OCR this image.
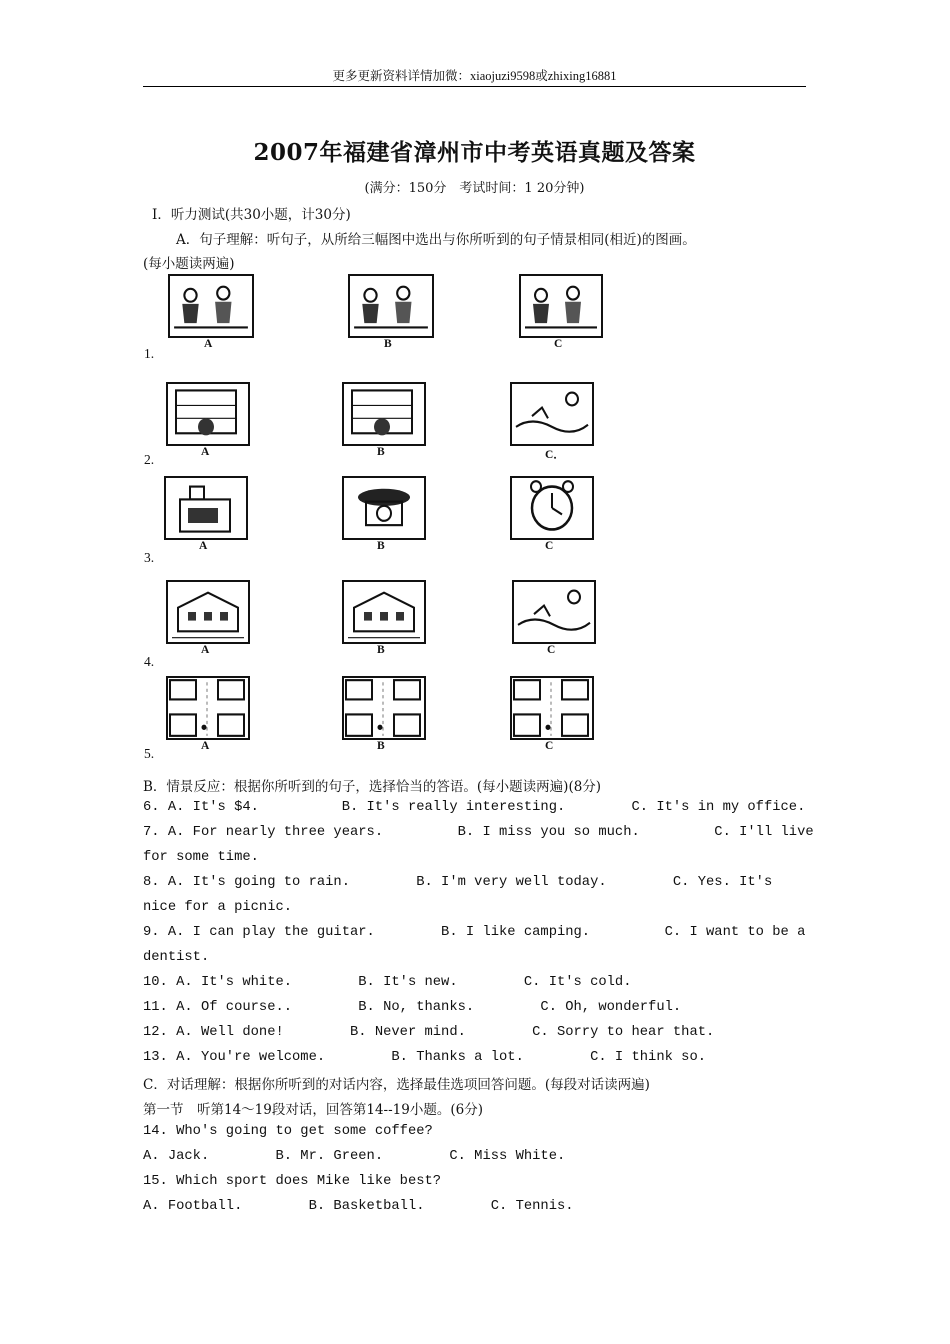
更多更新资料详情加微：xiaojuzi9598或zhixing16881
2007年福建省漳州市中考英语真题及答案
(满分：150分　考试时间：1 20分钟)
I．听力测试(共30小题，计30分)
A．句子理解：听句子，从所给三幅图中选出与你所听到的句子情景相同(相近)的图画。
(每小题读两遍)
1.
A	B	C
2.	A	B	C．
3.
A	B	C
4.
A	B	C
5.	A	B	C
B．情景反应：根据你所听到的句子，选择恰当的答语。(每小题读两遍)(8分)
6. A. It's $4.          B. It's really interesting.        C. It's in my office.
7. A. For nearly three years.         B. I miss you so much.         C. I'll live
for some time.
8. A. It's going to rain.        B. I'm very well today.        C. Yes. It's
nice for a picnic.
9. A. I can play the guitar.        B. I like camping.         C. I want to be a
dentist.
10. A. It's white.        B. It's new.        C. It's cold.
11. A. Of course..        B. No, thanks.        C. Oh, wonderful.
12. A. Well done!        B. Never mind.        C. Sorry to hear that.
13. A. You're welcome.        B. Thanks a lot.        C. I think so.
C．对话理解：根据你所听到的对话内容，选择最佳选项回答问题。(每段对话读两遍)
第一节　听第14～19段对话，回答第14--19小题。(6分)
14. Who's going to get some coffee?
A. Jack.        B. Mr. Green.        C. Miss White.
15. Which sport does Mike like best?
A. Football.        B. Basketball.        C. Tennis.
